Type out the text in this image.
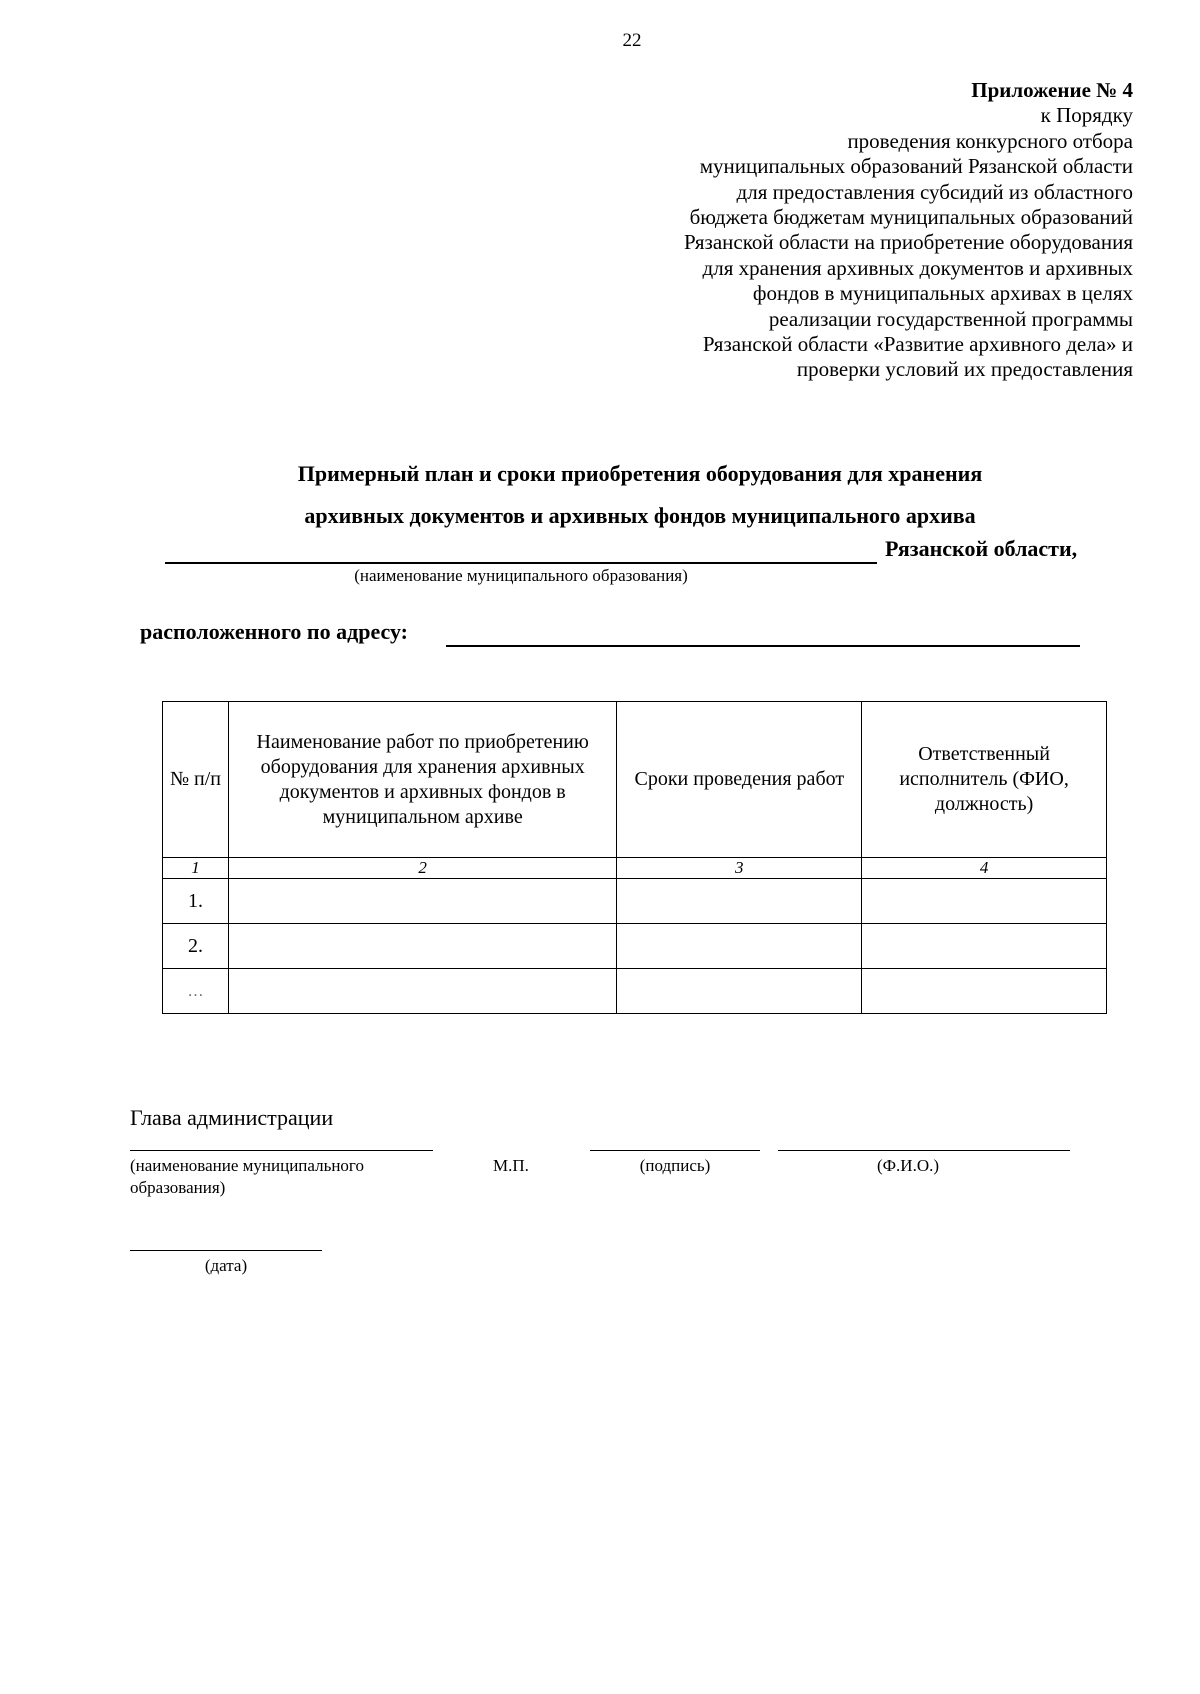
22
Приложение № 4
к Порядку
проведения конкурсного отбора
муниципальных образований Рязанской области
для предоставления субсидий из областного
бюджета бюджетам муниципальных образований
Рязанской области на приобретение оборудования
для хранения архивных документов и архивных
фондов в муниципальных архивах в целях
реализации государственной программы
Рязанской области «Развитие архивного дела» и
проверки условий их предоставления
Примерный план и сроки приобретения оборудования для хранения
архивных документов и архивных фондов муниципального архива
Рязанской области,
(наименование муниципального образования)
расположенного по адресу:
№ п/п	Наименование работ по приобретению оборудования для хранения архивных документов и архивных фондов в муниципальном архиве	Сроки проведения работ	Ответственный исполнитель (ФИО, должность)
1	2	3	4
1.			
2.			
…			
Глава администрации
(наименование муниципального образования)
М.П.	(подпись)	(Ф.И.О.)
(дата)
